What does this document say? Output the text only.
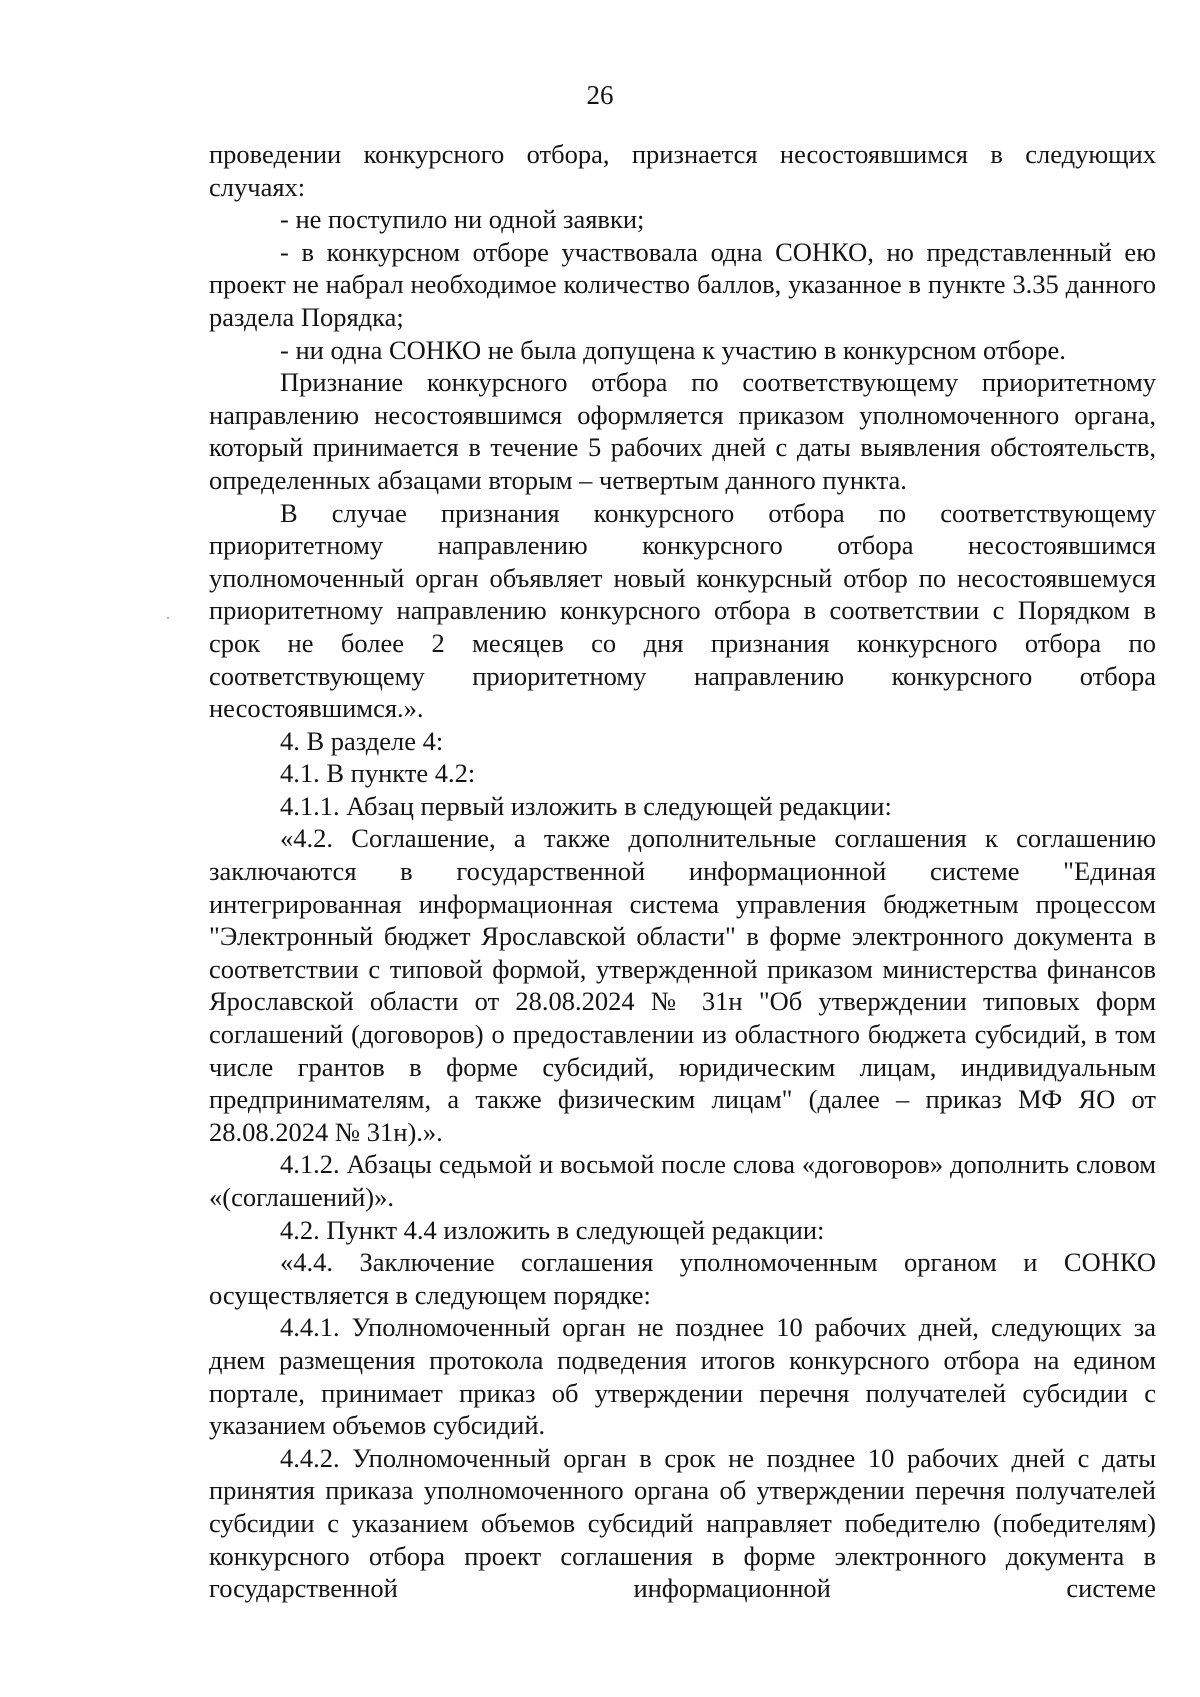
26

проведении конкурсного отбора, признается несостоявшимся в следующих случаях:

- не поступило ни одной заявки;

- в конкурсном отборе участвовала одна СОНКО, но представленный ею проект не набрал необходимое количество баллов, указанное в пункте 3.35 данного раздела Порядка;

- ни одна СОНКО не была допущена к участию в конкурсном отборе.

Признание конкурсного отбора по соответствующему приоритетному направлению несостоявшимся оформляется приказом уполномоченного органа, который принимается в течение 5 рабочих дней с даты выявления обстоятельств, определенных абзацами вторым – четвертым данного пункта.

В случае признания конкурсного отбора по соответствующему приоритетному направлению конкурсного отбора несостоявшимся уполномоченный орган объявляет новый конкурсный отбор по несостоявшемуся приоритетному направлению конкурсного отбора в соответствии с Порядком в срок не более 2 месяцев со дня признания конкурсного отбора по соответствующему приоритетному направлению конкурсного отбора несостоявшимся.».

4. В разделе 4:

4.1. В пункте 4.2:

4.1.1. Абзац первый изложить в следующей редакции:

«4.2. Соглашение, а также дополнительные соглашения к соглашению заключаются в государственной информационной системе "Единая интегрированная информационная система управления бюджетным процессом "Электронный бюджет Ярославской области" в форме электронного документа в соответствии с типовой формой, утвержденной приказом министерства финансов Ярославской области от 28.08.2024 № 31н "Об утверждении типовых форм соглашений (договоров) о предоставлении из областного бюджета субсидий, в том числе грантов в форме субсидий, юридическим лицам, индивидуальным предпринимателям, а также физическим лицам" (далее – приказ МФ ЯО от 28.08.2024 № 31н).».

4.1.2. Абзацы седьмой и восьмой после слова «договоров» дополнить словом «(соглашений)».

4.2. Пункт 4.4 изложить в следующей редакции:

«4.4. Заключение соглашения уполномоченным органом и СОНКО осуществляется в следующем порядке:

4.4.1. Уполномоченный орган не позднее 10 рабочих дней, следующих за днем размещения протокола подведения итогов конкурсного отбора на едином портале, принимает приказ об утверждении перечня получателей субсидии с указанием объемов субсидий.

4.4.2. Уполномоченный орган в срок не позднее 10 рабочих дней с даты принятия приказа уполномоченного органа об утверждении перечня получателей субсидии с указанием объемов субсидий направляет победителю (победителям) конкурсного отбора проект соглашения в форме электронного документа в государственной информационной системе
